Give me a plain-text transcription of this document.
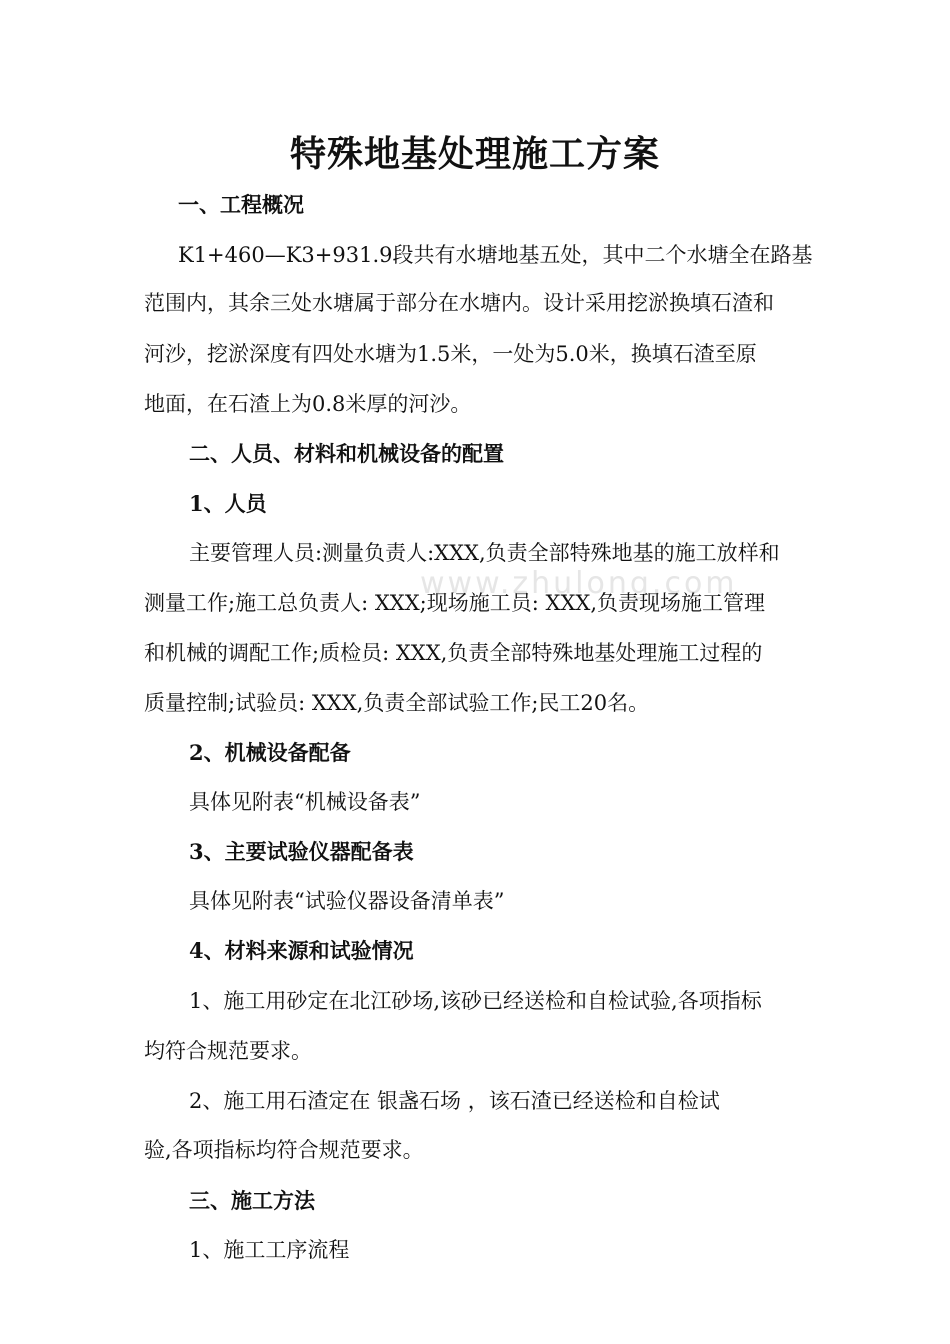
www.zhulong.com
特殊地基处理施工方案
一、工程概况
K1+460—K3+931.9段共有水塘地基五处，其中二个水塘全在路基
范围内，其余三处水塘属于部分在水塘内。设计采用挖淤换填石渣和
河沙，挖淤深度有四处水塘为1.5米，一处为5.0米，换填石渣至原
地面，在石渣上为0.8米厚的河沙。
二、人员、材料和机械设备的配置
1、人员
主要管理人员:测量负责人:XXX,负责全部特殊地基的施工放样和
测量工作;施工总负责人: XXX;现场施工员: XXX,负责现场施工管理
和机械的调配工作;质检员: XXX,负责全部特殊地基处理施工过程的
质量控制;试验员: XXX,负责全部试验工作;民工20名。
2、机械设备配备
具体见附表“机械设备表”
3、主要试验仪器配备表
具体见附表“试验仪器设备清单表”
4、材料来源和试验情况
1、施工用砂定在北江砂场,该砂已经送检和自检试验,各项指标
均符合规范要求。
2、施工用石渣定在 银盏石场 ，该石渣已经送检和自检试
验,各项指标均符合规范要求。
三、施工方法
1、施工工序流程
